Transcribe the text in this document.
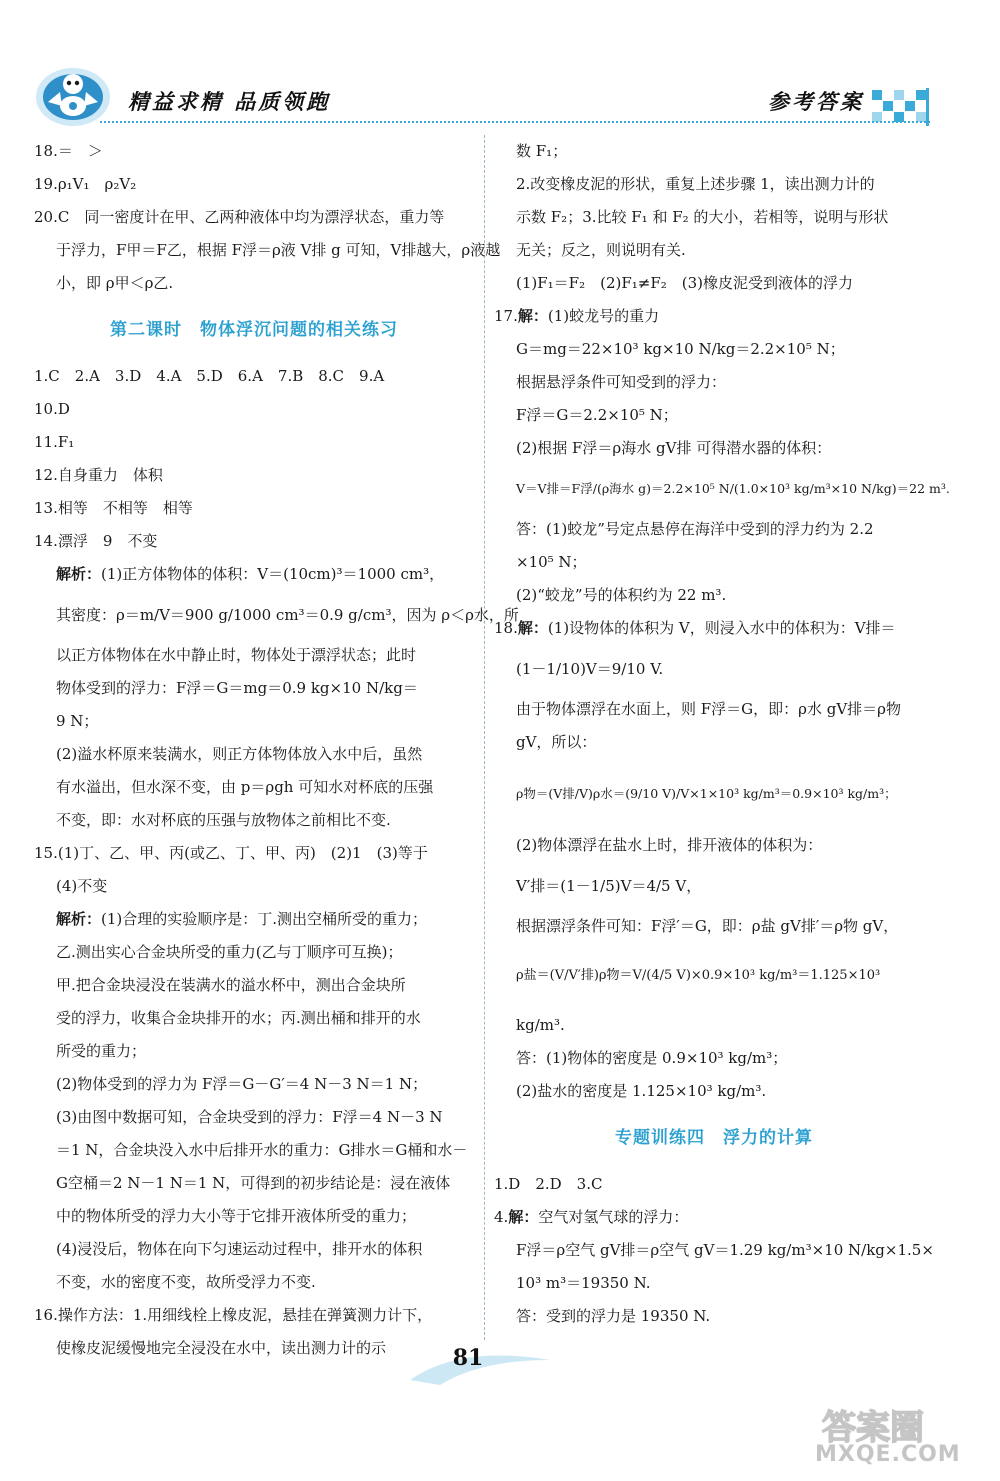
精益求精 品质领跑	参考答案
18.＝　＞
19.ρ₁V₁　ρ₂V₂
20.C　同一密度计在甲、乙两种液体中均为漂浮状态，重力等
于浮力，F甲＝F乙，根据 F浮＝ρ液 V排 g 可知，V排越大，ρ液越
小，即 ρ甲＜ρ乙.
第二课时　物体浮沉问题的相关练习
1.C　2.A　3.D　4.A　5.D　6.A　7.B　8.C　9.A
10.D
11.F₁
12.自身重力　体积
13.相等　不相等　相等
14.漂浮　9　不变
解析：(1)正方体物体的体积：V＝(10cm)³＝1000 cm³，
其密度：ρ＝m/V＝900 g/1000 cm³＝0.9 g/cm³，因为 ρ＜ρ水，所
以正方体物体在水中静止时，物体处于漂浮状态；此时
物体受到的浮力：F浮＝G＝mg＝0.9 kg×10 N/kg＝
9 N；
(2)溢水杯原来装满水，则正方体物体放入水中后，虽然
有水溢出，但水深不变，由 p＝ρgh 可知水对杯底的压强
不变，即：水对杯底的压强与放物体之前相比不变.
15.(1)丁、乙、甲、丙(或乙、丁、甲、丙)　(2)1　(3)等于
(4)不变
解析：(1)合理的实验顺序是：丁.测出空桶所受的重力；
乙.测出实心合金块所受的重力(乙与丁顺序可互换)；
甲.把合金块浸没在装满水的溢水杯中，测出合金块所
受的浮力，收集合金块排开的水；丙.测出桶和排开的水
所受的重力；
(2)物体受到的浮力为 F浮＝G－G′＝4 N－3 N＝1 N；
(3)由图中数据可知，合金块受到的浮力：F浮＝4 N－3 N
＝1 N，合金块没入水中后排开水的重力：G排水＝G桶和水－
G空桶＝2 N－1 N＝1 N，可得到的初步结论是：浸在液体
中的物体所受的浮力大小等于它排开液体所受的重力；
(4)浸没后，物体在向下匀速运动过程中，排开水的体积
不变，水的密度不变，故所受浮力不变.
16.操作方法：1.用细线栓上橡皮泥，悬挂在弹簧测力计下，
使橡皮泥缓慢地完全浸没在水中，读出测力计的示
数 F₁；
2.改变橡皮泥的形状，重复上述步骤 1，读出测力计的
示数 F₂；3.比较 F₁ 和 F₂ 的大小，若相等，说明与形状
无关；反之，则说明有关.
(1)F₁＝F₂　(2)F₁≠F₂　(3)橡皮泥受到液体的浮力
17.解：(1)蛟龙号的重力
G＝mg＝22×10³ kg×10 N/kg＝2.2×10⁵ N；
根据悬浮条件可知受到的浮力：
F浮＝G＝2.2×10⁵ N；
(2)根据 F浮＝ρ海水 gV排 可得潜水器的体积：
V＝V排＝F浮/(ρ海水 g)＝2.2×10⁵ N/(1.0×10³ kg/m³×10 N/kg)＝22 m³.
答：(1)蛟龙”号定点悬停在海洋中受到的浮力约为 2.2
×10⁵ N；
(2)“蛟龙”号的体积约为 22 m³.
18.解：(1)设物体的体积为 V，则浸入水中的体积为：V排＝
(1－1/10)V＝9/10 V.
由于物体漂浮在水面上，则 F浮＝G，即：ρ水 gV排＝ρ物
gV，所以：
ρ物＝(V排/V)ρ水＝(9/10 V)/V×1×10³ kg/m³＝0.9×10³ kg/m³；
(2)物体漂浮在盐水上时，排开液体的体积为：
V′排＝(1－1/5)V＝4/5 V，
根据漂浮条件可知：F浮′＝G，即：ρ盐 gV排′＝ρ物 gV，
ρ盐＝(V/V′排)ρ物＝V/(4/5 V)×0.9×10³ kg/m³＝1.125×10³
kg/m³.
答：(1)物体的密度是 0.9×10³ kg/m³；
(2)盐水的密度是 1.125×10³ kg/m³.
专题训练四　浮力的计算
1.D　2.D　3.C
4.解：空气对氢气球的浮力：
F浮＝ρ空气 gV排＝ρ空气 gV＝1.29 kg/m³×10 N/kg×1.5×
10³ m³＝19350 N.
答：受到的浮力是 19350 N.
81
答案圈
MXQE.COM
